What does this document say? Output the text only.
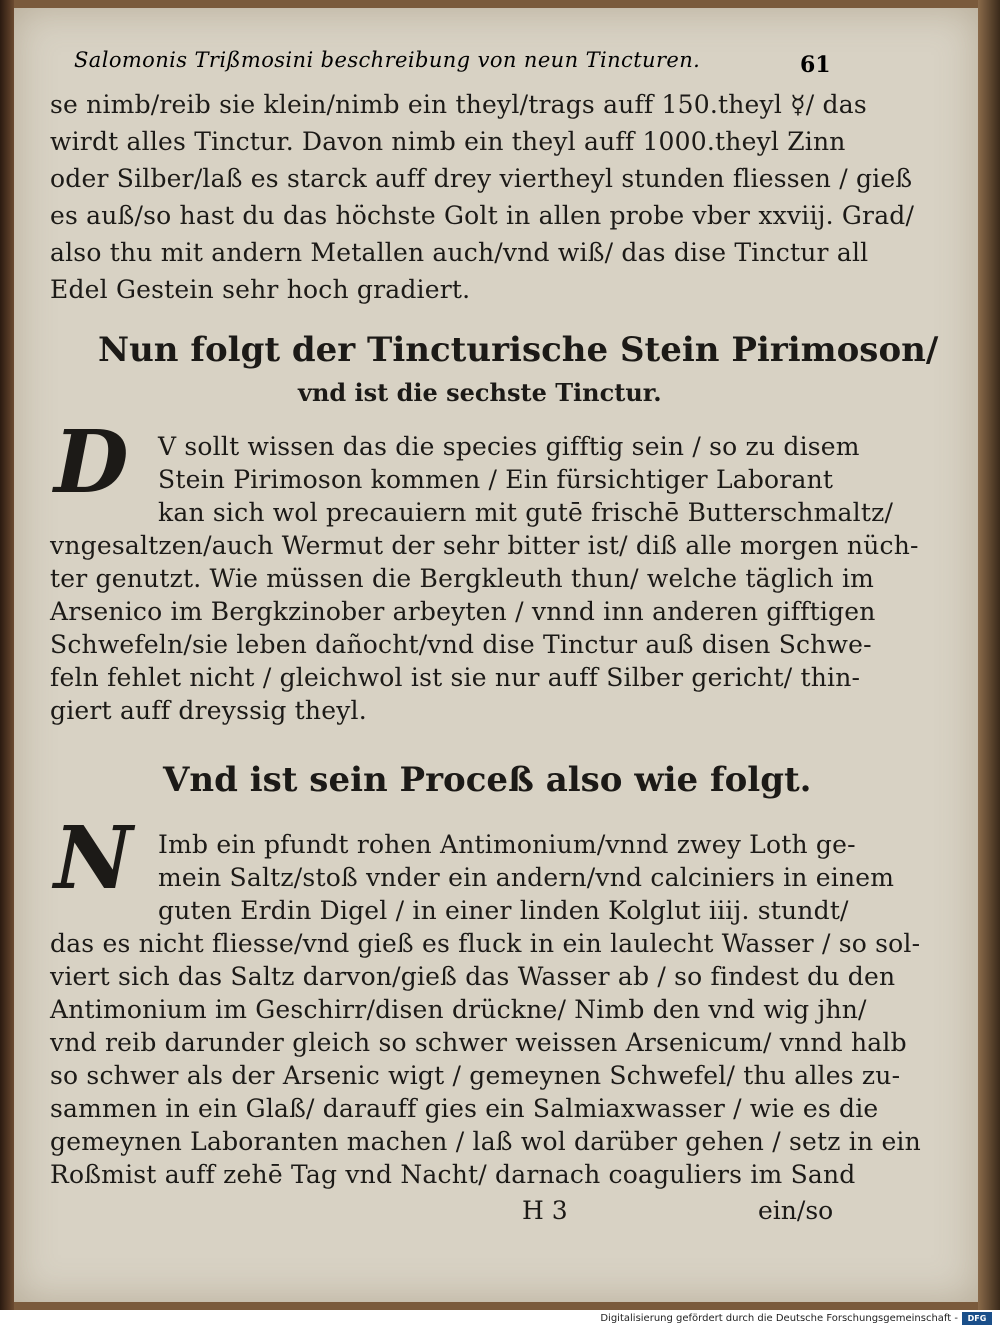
Salomonis Trißmosini beschreibung von neun Tincturen.	61
se nimb/reib sie klein/nimb ein theyl/trags auff 150.theyl ☿/ das
wirdt alles Tinctur. Davon nimb ein theyl auff 1000.theyl Zinn
oder Silber/laß es starck auff drey viertheyl stunden fliessen / gieß
es auß/so hast du das höchste Golt in allen probe vber xxviij. Grad/
also thu mit andern Metallen auch/vnd wiß/ das dise Tinctur all
Edel Gestein sehr hoch gradiert.
Nun folgt der Tincturische Stein Pirimoson/
vnd ist die sechste Tinctur.
D V sollt wissen das die species gifftig sein / so zu disem
Stein Pirimoson kommen / Ein fürsichtiger Laborant
kan sich wol precauiern mit gutē frischē Butterschmaltz/
vngesaltzen/auch Wermut der sehr bitter ist/ diß alle morgen nüch-
ter genutzt. Wie müssen die Bergkleuth thun/ welche täglich im
Arsenico im Bergkzinober arbeyten / vnnd inn anderen gifftigen
Schwefeln/sie leben dañocht/vnd dise Tinctur auß disen Schwe-
feln fehlet nicht / gleichwol ist sie nur auff Silber gericht/ thin-
giert auff dreyssig theyl.
Vnd ist sein Proceß also wie folgt.
N Imb ein pfundt rohen Antimonium/vnnd zwey Loth ge-
mein Saltz/stoß vnder ein andern/vnd calciniers in einem
guten Erdin Digel / in einer linden Kolglut iiij. stundt/
das es nicht fliesse/vnd gieß es fluck in ein laulecht Wasser / so sol-
viert sich das Saltz darvon/gieß das Wasser ab / so findest du den
Antimonium im Geschirr/disen drückne/ Nimb den vnd wig jhn/
vnd reib darunder gleich so schwer weissen Arsenicum/ vnnd halb
so schwer als der Arsenic wigt / gemeynen Schwefel/ thu alles zu-
sammen in ein Glaß/ darauff gies ein Salmiaxwasser / wie es die
gemeynen Laboranten machen / laß wol darüber gehen / setz in ein
Roßmist auff zehē Tag vnd Nacht/ darnach coaguliers im Sand
H 3	ein/so
Digitalisierung gefördert durch die Deutsche Forschungsgemeinschaft -	DFG
